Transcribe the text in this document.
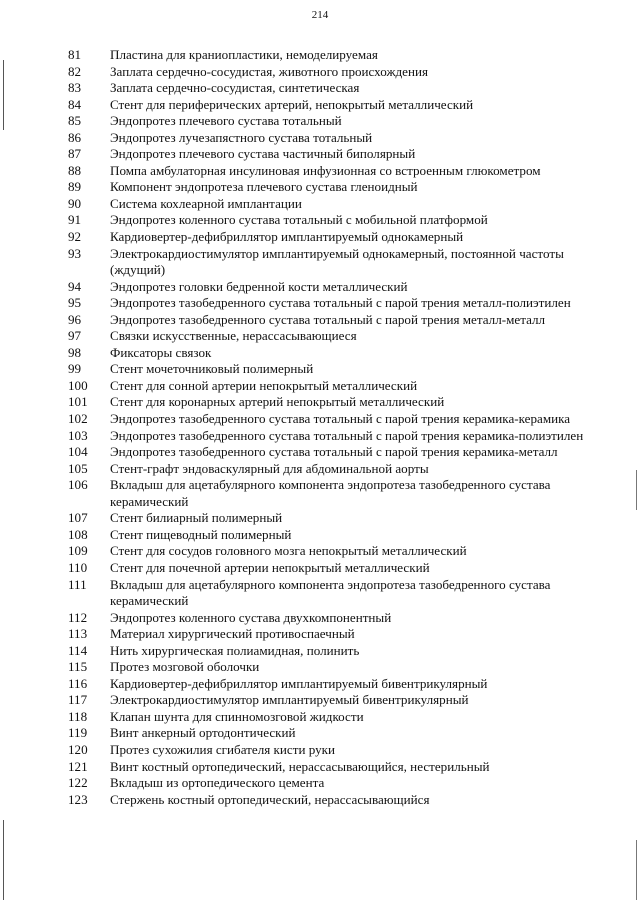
214
81	Пластина для краниопластики, немоделируемая
82	Заплата сердечно-сосудистая, животного происхождения
83	Заплата сердечно-сосудистая, синтетическая
84	Стент для периферических артерий, непокрытый металлический
85	Эндопротез плечевого сустава тотальный
86	Эндопротез лучезапястного сустава тотальный
87	Эндопротез плечевого сустава частичный биполярный
88	Помпа амбулаторная инсулиновая инфузионная со встроенным глюкометром
89	Компонент эндопротеза плечевого сустава гленоидный
90	Система кохлеарной имплантации
91	Эндопротез коленного сустава тотальный с мобильной платформой
92	Кардиовертер-дефибриллятор имплантируемый однокамерный
93	Электрокардиостимулятор имплантируемый однокамерный, постоянной частоты (ждущий)
94	Эндопротез головки бедренной кости металлический
95	Эндопротез тазобедренного сустава тотальный с парой трения металл-полиэтилен
96	Эндопротез тазобедренного сустава тотальный с парой трения металл-металл
97	Связки искусственные, нерассасывающиеся
98	Фиксаторы связок
99	Стент мочеточниковый полимерный
100	Стент для сонной артерии непокрытый металлический
101	Стент для коронарных артерий непокрытый металлический
102	Эндопротез тазобедренного сустава тотальный с парой трения керамика-керамика
103	Эндопротез тазобедренного сустава тотальный с парой трения керамика-полиэтилен
104	Эндопротез тазобедренного сустава тотальный с парой трения керамика-металл
105	Стент-графт эндоваскулярный для абдоминальной аорты
106	Вкладыш для ацетабулярного компонента эндопротеза тазобедренного сустава керамический
107	Стент билиарный полимерный
108	Стент пищеводный полимерный
109	Стент для сосудов головного мозга непокрытый металлический
110	Стент для почечной артерии непокрытый металлический
111	Вкладыш для ацетабулярного компонента эндопротеза тазобедренного сустава керамический
112	Эндопротез коленного сустава двухкомпонентный
113	Материал хирургический противоспаечный
114	Нить хирургическая полиамидная, полинить
115	Протез мозговой оболочки
116	Кардиовертер-дефибриллятор имплантируемый бивентрикулярный
117	Электрокардиостимулятор имплантируемый бивентрикулярный
118	Клапан шунта для спинномозговой жидкости
119	Винт анкерный ортодонтический
120	Протез сухожилия сгибателя кисти руки
121	Винт костный ортопедический, нерассасывающийся, нестерильный
122	Вкладыш из ортопедического цемента
123	Стержень костный ортопедический, нерассасывающийся
